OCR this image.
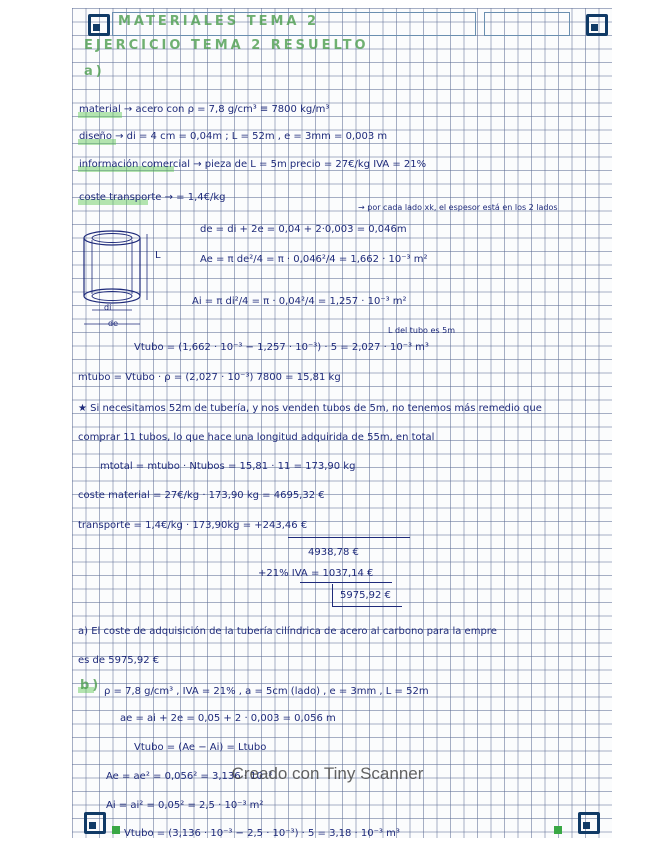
MATERIALES TEMA 2
EJERCICIO TEMA 2 RESUELTO
a)
material → acero con ρ = 7,8 g/cm³ ≡ 7800 kg/m³
diseño → di = 4 cm = 0,04m ; L = 52m , e = 3mm = 0,003 m
información comercial → pieza de L = 5m precio = 27€/kg IVA = 21%
coste transporte → = 1,4€/kg
L
di
de
→ por cada lado xk, el espesor está en los 2 lados
de = di + 2e = 0,04 + 2·0,003 = 0,046m
Ae = π de²/4 = π · 0,046²/4 = 1,662 · 10⁻³ m²
Ai = π di²/4 = π · 0,04²/4 = 1,257 · 10⁻³ m²
L del tubo es 5m
Vtubo = (1,662 · 10⁻³ − 1,257 · 10⁻³) · 5 = 2,027 · 10⁻³ m³
mtubo = Vtubo · ρ = (2,027 · 10⁻³) 7800 = 15,81 kg
★ Si necesitamos 52m de tubería, y nos venden tubos de 5m, no tenemos más remedio que
comprar 11 tubos, lo que hace una longitud adquirida de 55m, en total
mtotal = mtubo · Ntubos = 15,81 · 11 = 173,90 kg
coste material = 27€/kg · 173,90 kg = 4695,32 €
transporte = 1,4€/kg · 173,90kg = +243,46 €
4938,78 €
+21% IVA = 1037,14 €
5975,92 €
a) El coste de adquisición de la tubería cilíndrica de acero al carbono para la empre
es de 5975,92 €
b) ρ = 7,8 g/cm³ , IVA = 21% , a = 5cm (lado) , e = 3mm , L = 52m
ae = ai + 2e = 0,05 + 2 · 0,003 = 0,056 m
Vtubo = (Ae − Ai) = Ltubo
Ae = ae² = 0,056² = 3,136 · 10⁻³
Ai = ai² = 0,05² = 2,5 · 10⁻³ m²
Vtubo = (3,136 · 10⁻³ − 2,5 · 10⁻³) · 5 = 3,18 · 10⁻³ m³
Creado con Tiny Scanner
